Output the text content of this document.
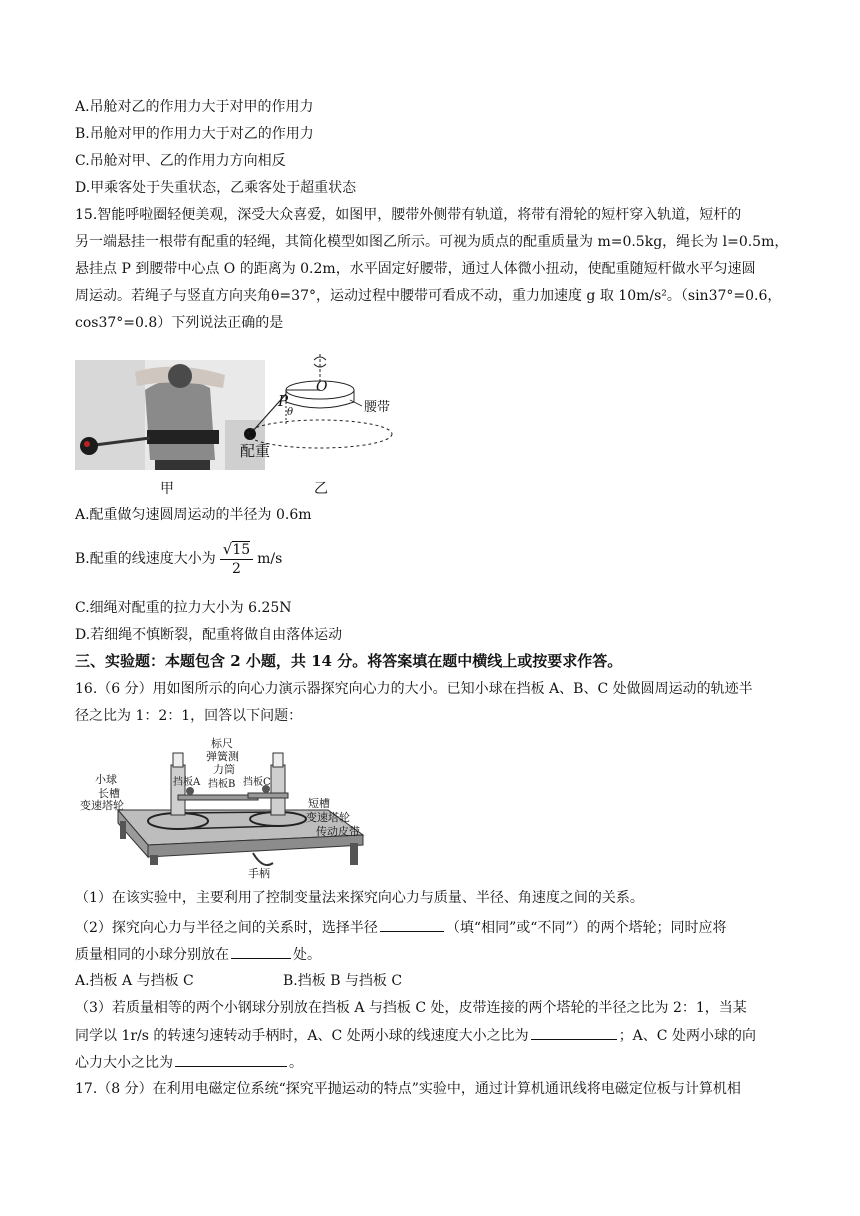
A.吊舱对乙的作用力大于对甲的作用力
B.吊舱对甲的作用力大于对乙的作用力
C.吊舱对甲、乙的作用力方向相反
D.甲乘客处于失重状态，乙乘客处于超重状态
15.智能呼啦圈轻便美观，深受大众喜爱，如图甲，腰带外侧带有轨道，将带有滑轮的短杆穿入轨道，短杆的
另一端悬挂一根带有配重的轻绳，其简化模型如图乙所示。可视为质点的配重质量为 m=0.5kg，绳长为 l=0.5m，
悬挂点 P 到腰带中心点 O 的距离为 0.2m，水平固定好腰带，通过人体微小扭动，使配重随短杆做水平匀速圆
周运动。若绳子与竖直方向夹角θ=37°，运动过程中腰带可看成不动，重力加速度 g 取 10m/s²。（sin37°=0.6，
cos37°=0.8）下列说法正确的是
甲
O
P
θ	腰带
配重
乙
A.配重做匀速圆周运动的半径为 0.6m
B.配重的线速度大小为 $\frac{√15}{2} m/s$
C.细绳对配重的拉力大小为 6.25N
D.若细绳不慎断裂，配重将做自由落体运动
三、实验题：本题包含 2 小题，共 14 分。将答案填在题中横线上或按要求作答。
16.（6 分）用如图所示的向心力演示器探究向心力的大小。已知小球在挡板 A、B、C 处做圆周运动的轨迹半
径之比为 1：2：1，回答以下问题：
标尺
弹簧测
力筒
小球
长槽
挡板A 挡板B 挡板C
变速塔轮	短槽
变速塔轮
传动皮带
手柄
（1）在该实验中，主要利用了控制变量法来探究向心力与质量、半径、角速度之间的关系。
（2）探究向心力与半径之间的关系时，选择半径	（填“相同”或“不同”）的两个塔轮；同时应将
质量相同的小球分别放在	处。
A.挡板 A 与挡板 C	B.挡板 B 与挡板 C
（3）若质量相等的两个小钢球分别放在挡板 A 与挡板 C 处，皮带连接的两个塔轮的半径之比为 2：1，当某
同学以 1r/s 的转速匀速转动手柄时，A、C 处两小球的线速度大小之比为	；A、C 处两小球的向
心力大小之比为	。
17.（8 分）在利用电磁定位系统“探究平抛运动的特点”实验中，通过计算机通讯线将电磁定位板与计算机相
